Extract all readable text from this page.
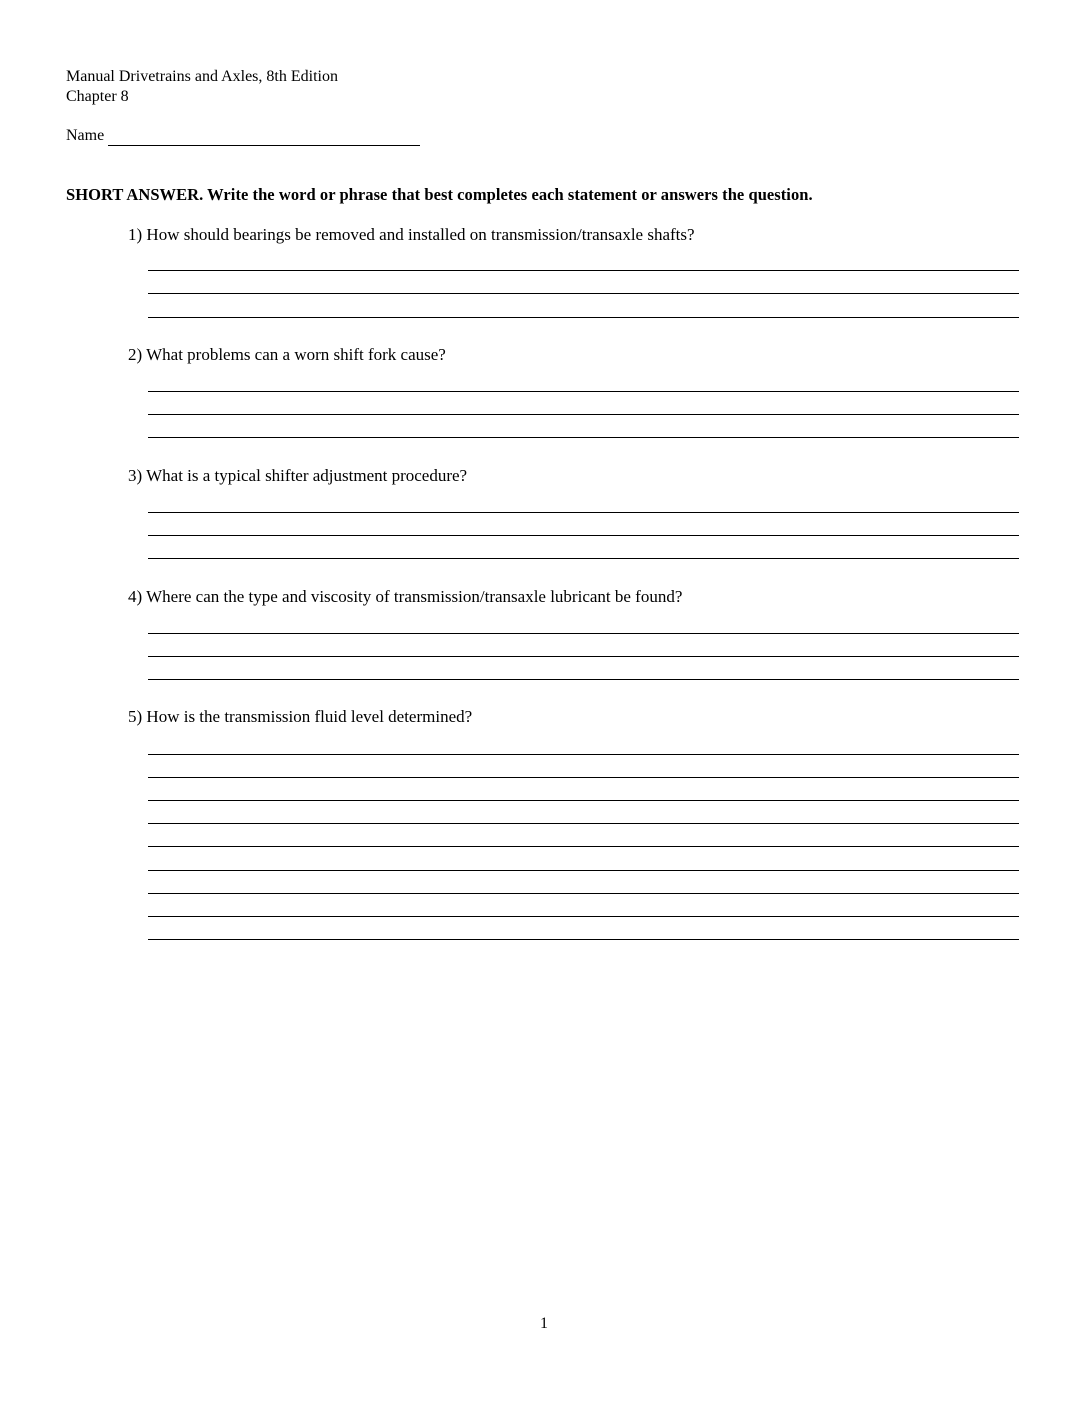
Manual Drivetrains and Axles, 8th Edition
Chapter 8
Name
SHORT ANSWER. Write the word or phrase that best completes each statement or answers the question.
1) How should bearings be removed and installed on transmission/transaxle shafts?
2) What problems can a worn shift fork cause?
3) What is a typical shifter adjustment procedure?
4) Where can the type and viscosity of transmission/transaxle lubricant be found?
5) How is the transmission fluid level determined?
1
